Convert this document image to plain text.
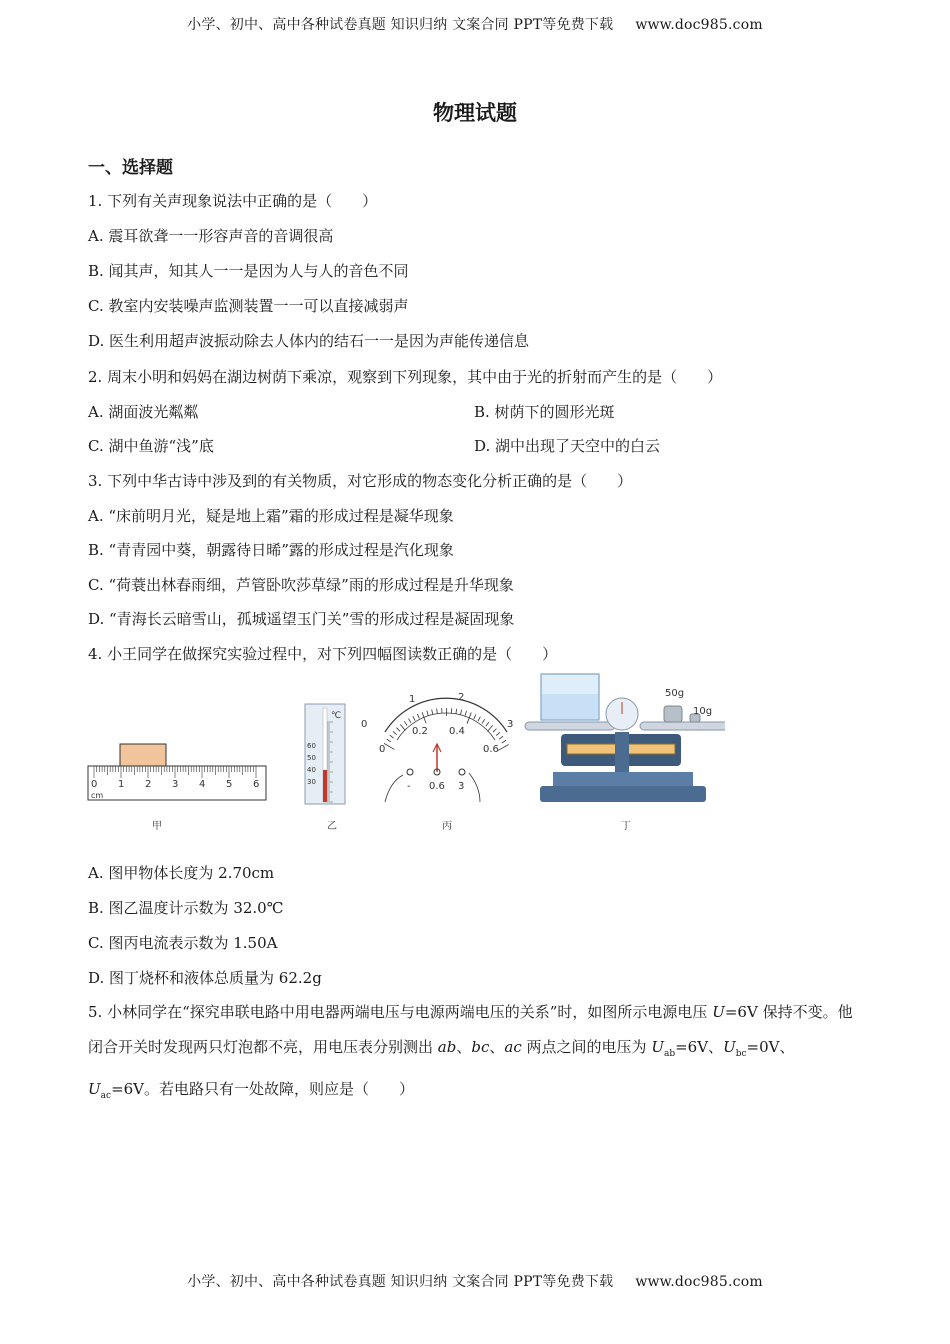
小学、初中、高中各种试卷真题 知识归纳 文案合同 PPT等免费下载 www.doc985.com
物理试题
一、选择题
1. 下列有关声现象说法中正确的是（　　）
A. 震耳欲聋一一形容声音的音调很高
B. 闻其声，知其人一一是因为人与人的音色不同
C. 教室内安装噪声监测装置一一可以直接减弱声
D. 医生利用超声波振动除去人体内的结石一一是因为声能传递信息
2. 周末小明和妈妈在湖边树荫下乘凉，观察到下列现象，其中由于光的折射而产生的是（　　）
A. 湖面波光粼粼	B. 树荫下的圆形光斑
C. 湖中鱼游“浅”底	D. 湖中出现了天空中的白云
3. 下列中华古诗中涉及到的有关物质，对它形成的物态变化分析正确的是（　　）
A. “床前明月光，疑是地上霜”霜的形成过程是凝华现象
B. “青青园中葵，朝露待日晞”露的形成过程是汽化现象
C. “荷蓑出林春雨细，芦管卧吹莎草绿”雨的形成过程是升华现象
D. “青海长云暗雪山，孤城遥望玉门关”雪的形成过程是凝固现象
4. 小王同学在做探究实验过程中，对下列四幅图读数正确的是（　　）
0 1 2 3 4 5 6
cm
甲
℃
60
50
40
30
乙
0
1	2
3
0
0.2 0.4
0.6
- 0.6 3
丙
50g
10g
丁
A. 图甲物体长度为 2.70cm
B. 图乙温度计示数为 32.0℃
C. 图丙电流表示数为 1.50A
D. 图丁烧杯和液体总质量为 62.2g
5. 小林同学在“探究串联电路中用电器两端电压与电源两端电压的关系”时，如图所示电源电压 U=6V 保持不变。他闭合开关时发现两只灯泡都不亮，用电压表分别测出 ab、bc、ac 两点之间的电压为 $U_{ab}=6V$、$U_{bc}=0V$、$U_{ac}=6V$。若电路只有一处故障，则应是（　　）
小学、初中、高中各种试卷真题 知识归纳 文案合同 PPT等免费下载 www.doc985.com
